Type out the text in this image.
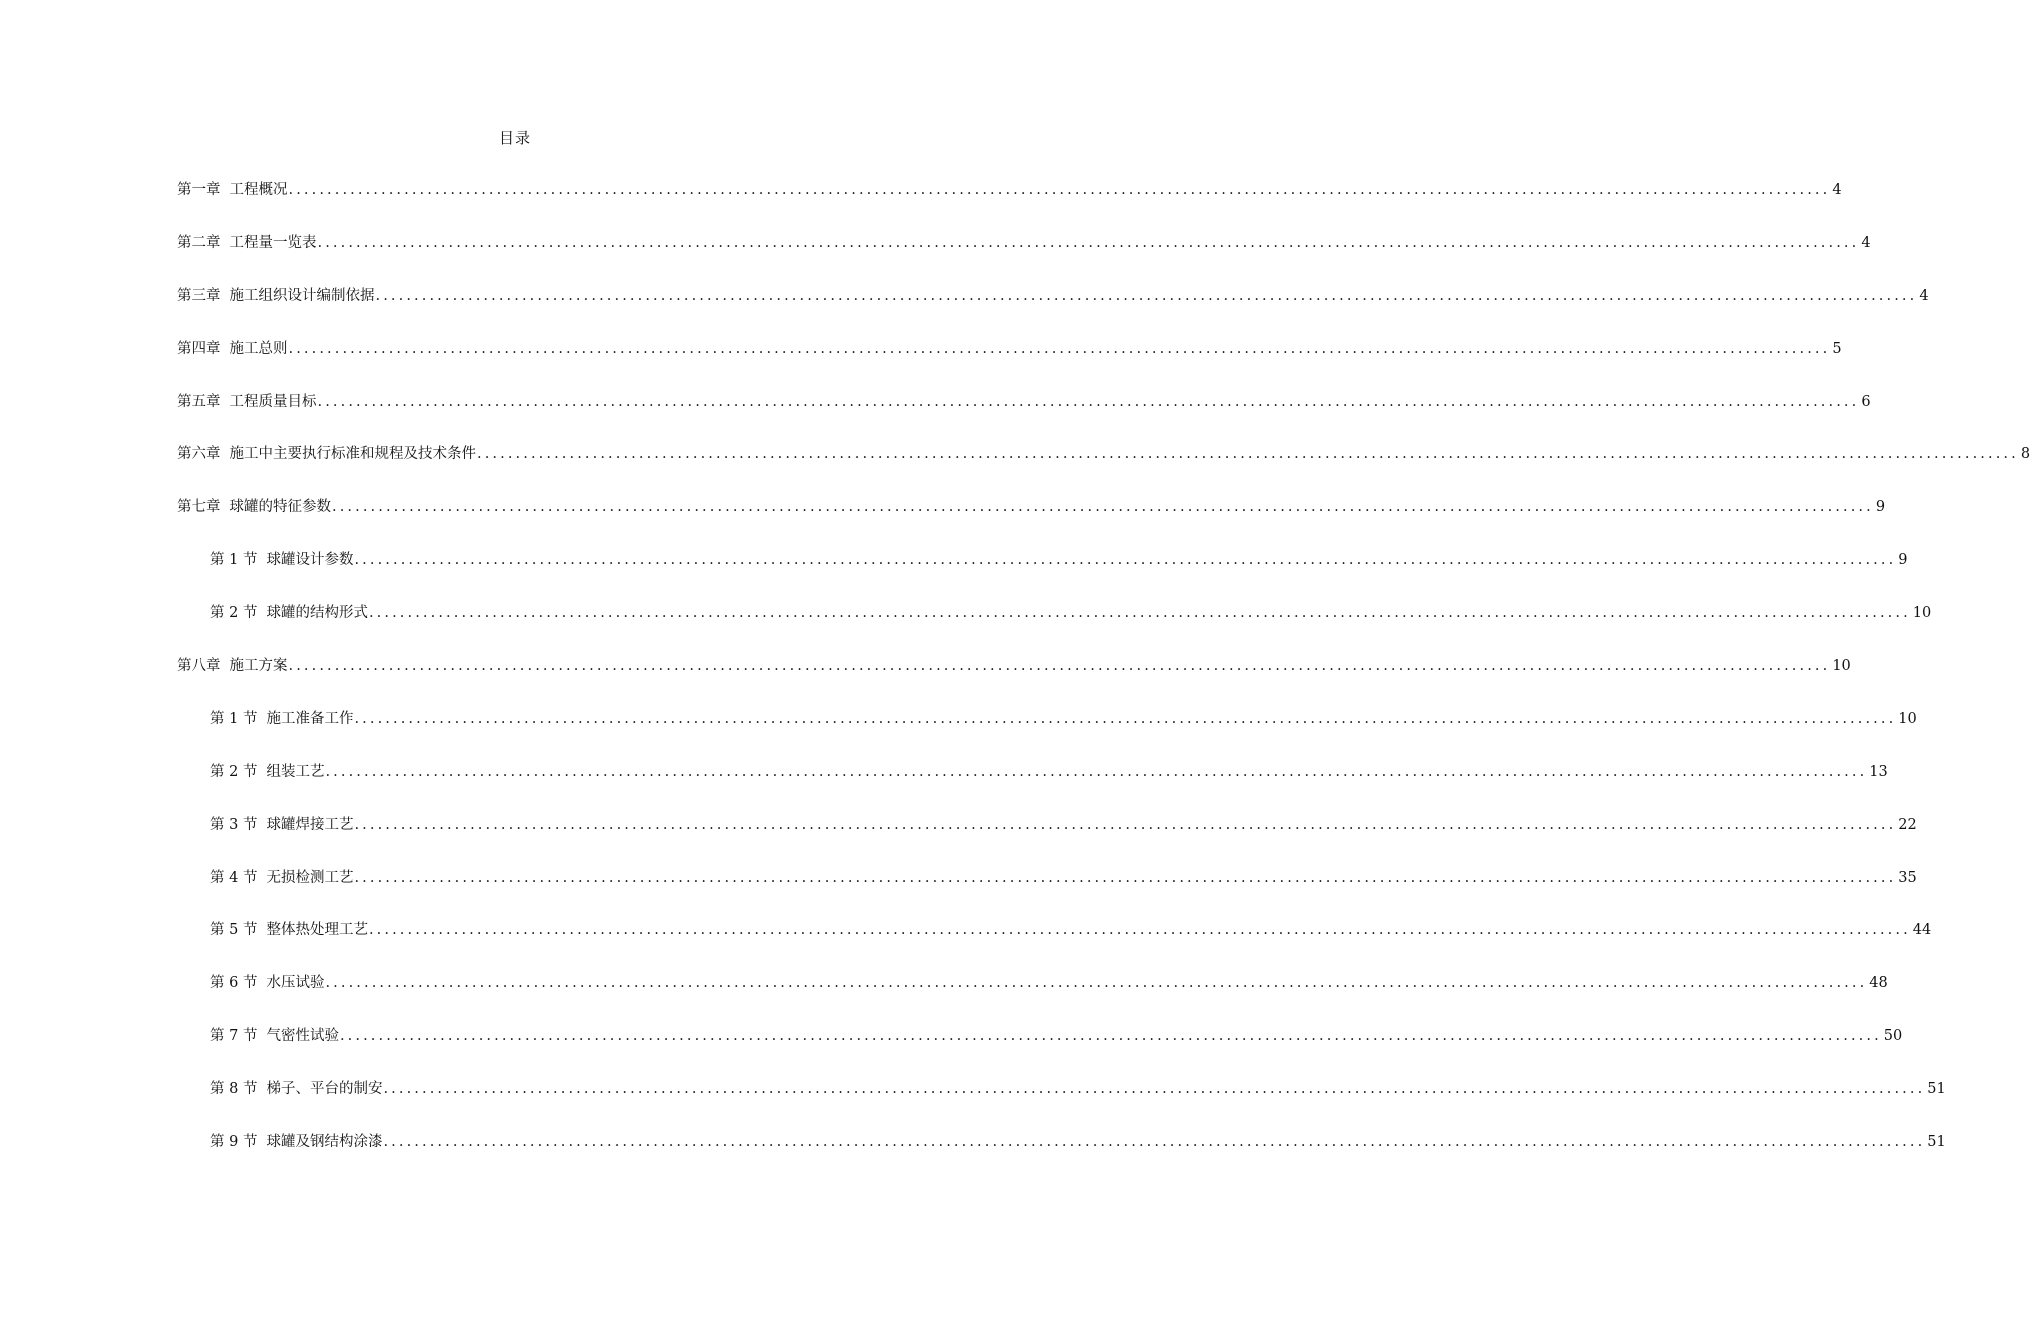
目录
第一章 工程概况 ........................................................................................................................................................................................................ 4
第二章 工程量一览表 ........................................................................................................................................................................................................ 4
第三章 施工组织设计编制依据 ........................................................................................................................................................................................................ 4
第四章 施工总则 ........................................................................................................................................................................................................ 5
第五章 工程质量目标 ........................................................................................................................................................................................................ 6
第六章 施工中主要执行标准和规程及技术条件 ........................................................................................................................................................................................................ 8
第七章 球罐的特征参数 ........................................................................................................................................................................................................ 9
第 1 节 球罐设计参数 ........................................................................................................................................................................................................ 9
第 2 节 球罐的结构形式 ........................................................................................................................................................................................................ 10
第八章 施工方案 ........................................................................................................................................................................................................ 10
第 1 节 施工准备工作 ........................................................................................................................................................................................................ 10
第 2 节 组装工艺 ........................................................................................................................................................................................................ 13
第 3 节 球罐焊接工艺 ........................................................................................................................................................................................................ 22
第 4 节 无损检测工艺 ........................................................................................................................................................................................................ 35
第 5 节 整体热处理工艺 ........................................................................................................................................................................................................ 44
第 6 节 水压试验 ........................................................................................................................................................................................................ 48
第 7 节 气密性试验 ........................................................................................................................................................................................................ 50
第 8 节 梯子、平台的制安 ........................................................................................................................................................................................................ 51
第 9 节 球罐及钢结构涂漆 ........................................................................................................................................................................................................ 51
